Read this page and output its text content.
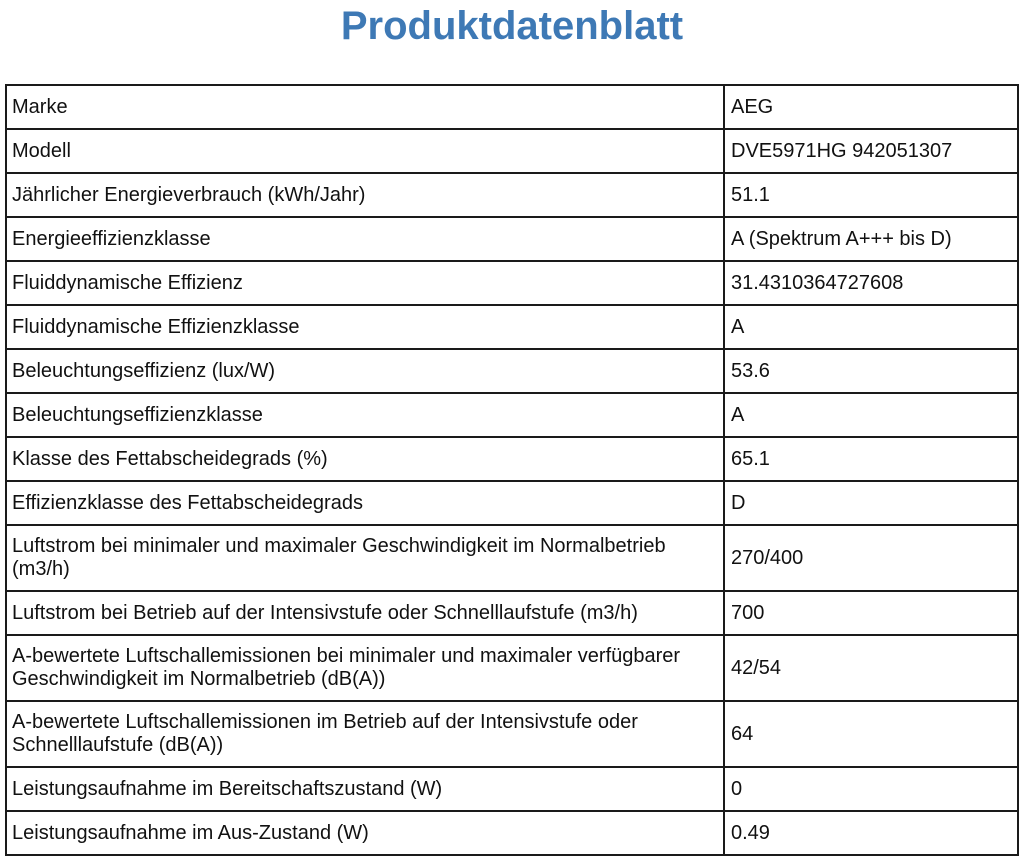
Produktdatenblatt
Marke	AEG
Modell	DVE5971HG 942051307
Jährlicher Energieverbrauch (kWh/Jahr)	51.1
Energieeffizienzklasse	A (Spektrum A+++ bis D)
Fluiddynamische Effizienz	31.4310364727608
Fluiddynamische Effizienzklasse	A
Beleuchtungseffizienz (lux/W)	53.6
Beleuchtungseffizienzklasse	A
Klasse des Fettabscheidegrads (%)	65.1
Effizienzklasse des Fettabscheidegrads	D
Luftstrom bei minimaler und maximaler Geschwindigkeit im Normalbetrieb (m3/h)	270/400
Luftstrom bei Betrieb auf der Intensivstufe oder Schnelllaufstufe (m3/h)	700
A-bewertete Luftschallemissionen bei minimaler und maximaler verfügbarer Geschwindigkeit im Normalbetrieb (dB(A))	42/54
A-bewertete Luftschallemissionen im Betrieb auf der Intensivstufe oder Schnelllaufstufe (dB(A))	64
Leistungsaufnahme im Bereitschaftszustand (W)	0
Leistungsaufnahme im Aus-Zustand (W)	0.49
